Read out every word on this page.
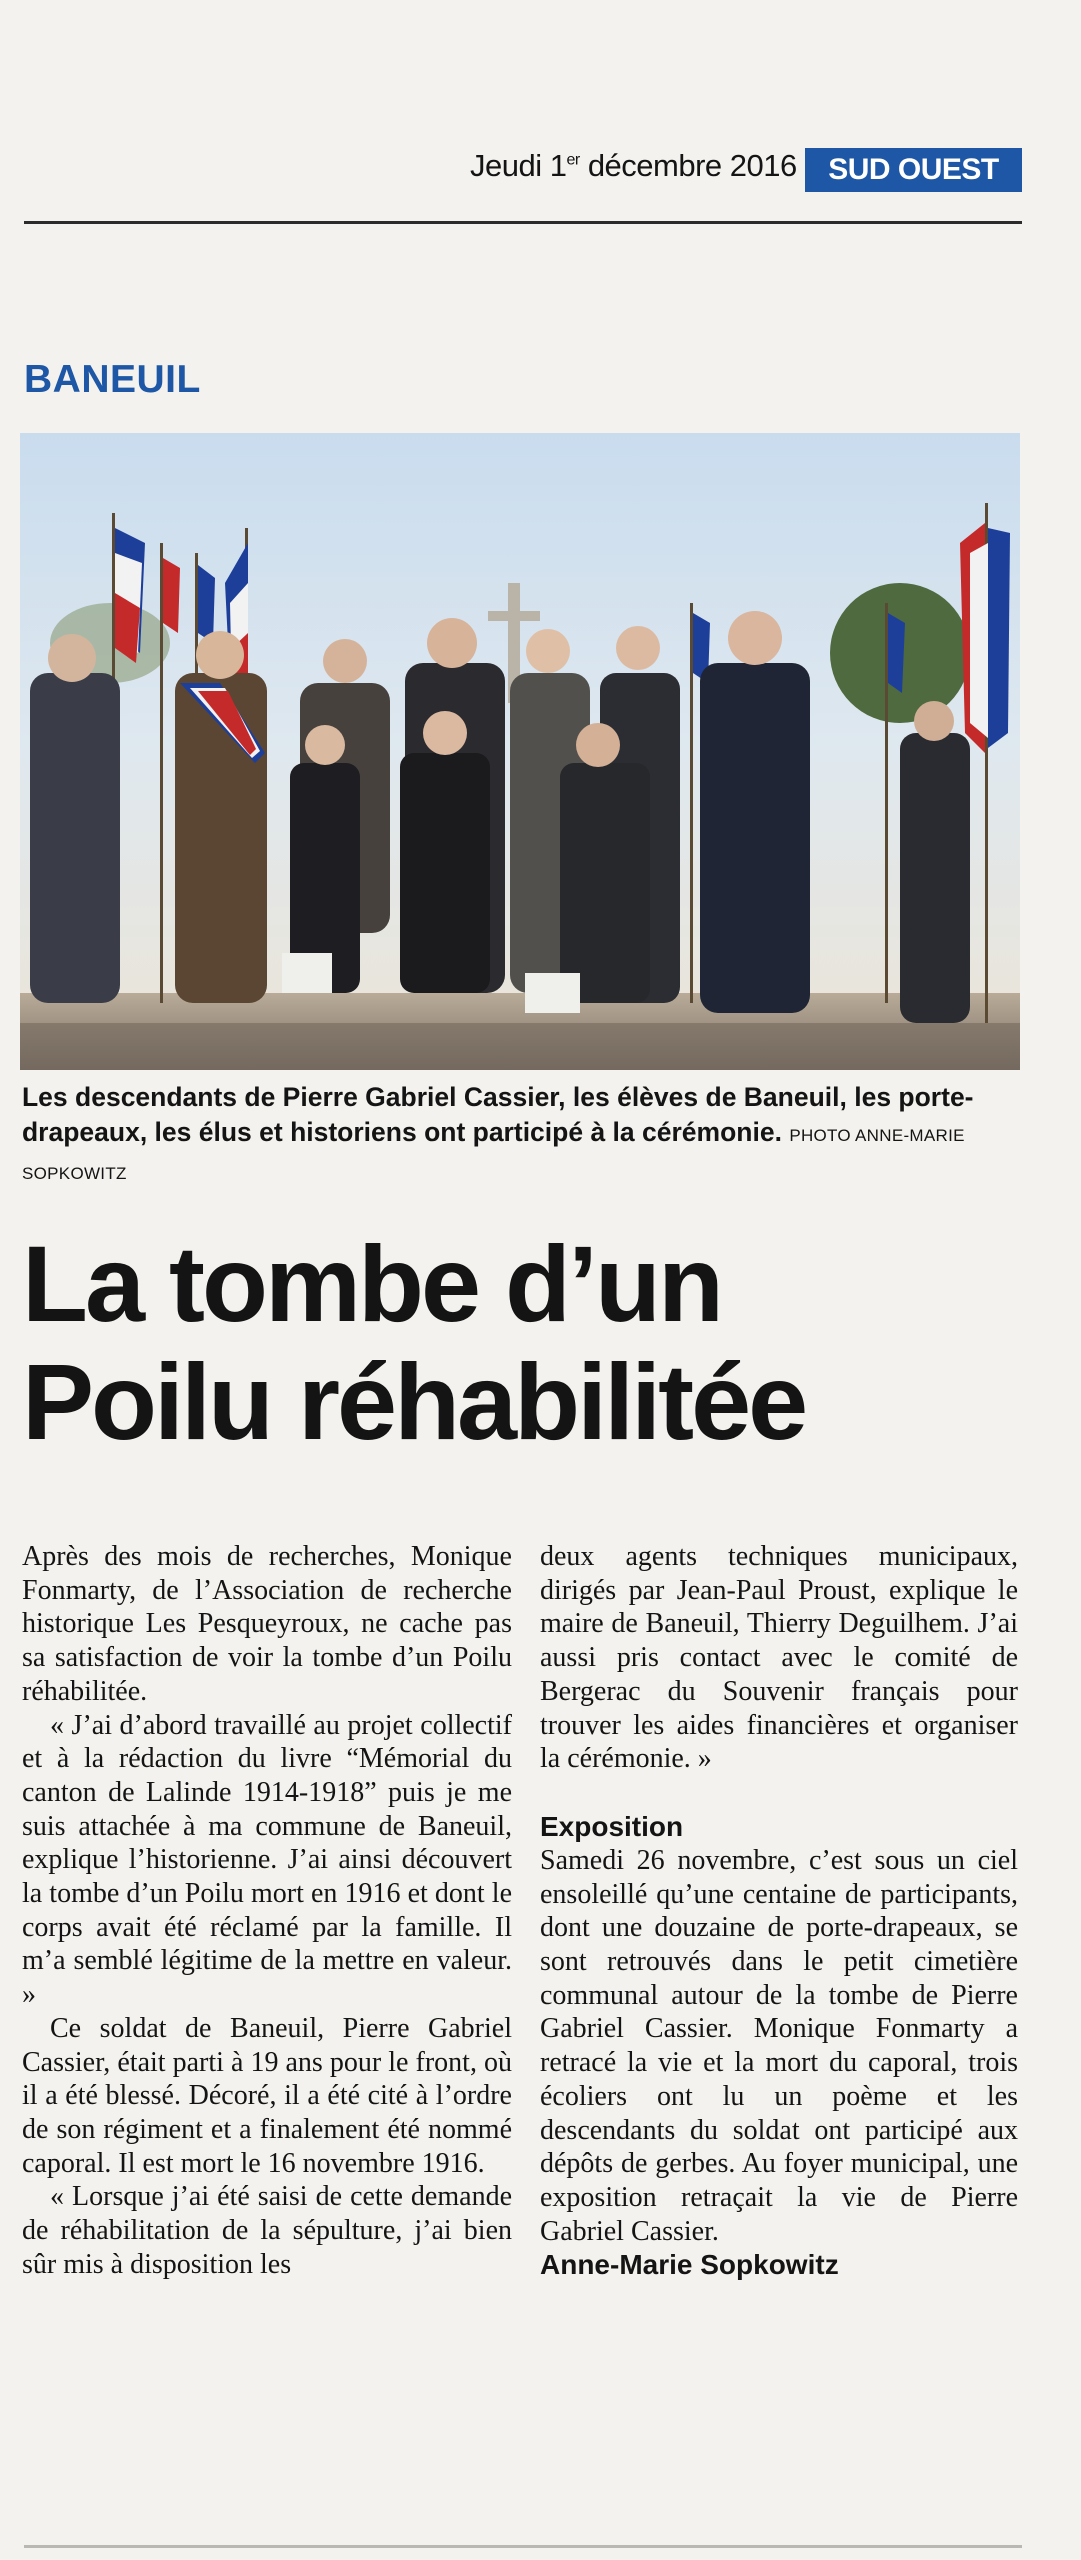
Jeudi 1er décembre 2016	SUD OUEST
BANEUIL
Les descendants de Pierre Gabriel Cassier, les élèves de Baneuil, les porte-drapeaux, les élus et historiens ont participé à la cérémonie. PHOTO ANNE-MARIE SOPKOWITZ
La tombe d’un
Poilu réhabilitée

Après des mois de recherches, Monique Fonmarty, de l’Association de recherche historique Les Pesqueyroux, ne cache pas sa satisfaction de voir la tombe d’un Poilu réhabilitée.

« J’ai d’abord travaillé au projet collectif et à la rédaction du livre “Mémorial du canton de Lalinde 1914-1918” puis je me suis attachée à ma commune de Baneuil, explique l’historienne. J’ai ainsi découvert la tombe d’un Poilu mort en 1916 et dont le corps avait été réclamé par la famille. Il m’a semblé légitime de la mettre en valeur. »

Ce soldat de Baneuil, Pierre Gabriel Cassier, était parti à 19 ans pour le front, où il a été blessé. Décoré, il a été cité à l’ordre de son régiment et a finalement été nommé caporal. Il est mort le 16 novembre 1916.

« Lorsque j’ai été saisi de cette demande de réhabilitation de la sépulture, j’ai bien sûr mis à disposition les

deux agents techniques municipaux, dirigés par Jean-Paul Proust, explique le maire de Baneuil, Thierry Deguilhem. J’ai aussi pris contact avec le comité de Bergerac du Souvenir français pour trouver les aides financières et organiser la cérémonie. »

Exposition

Samedi 26 novembre, c’est sous un ciel ensoleillé qu’une centaine de participants, dont une douzaine de porte-drapeaux, se sont retrouvés dans le petit cimetière communal autour de la tombe de Pierre Gabriel Cassier. Monique Fonmarty a retracé la vie et la mort du caporal, trois écoliers ont lu un poème et les descendants du soldat ont participé aux dépôts de gerbes. Au foyer municipal, une exposition retraçait la vie de Pierre Gabriel Cassier.

Anne-Marie Sopkowitz
